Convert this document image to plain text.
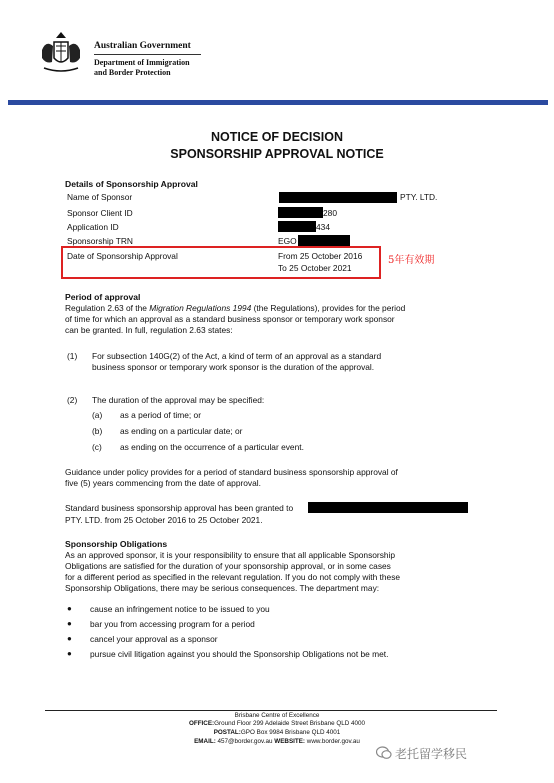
Australian Government
Department of Immigration
and Border Protection
NOTICE OF DECISION
SPONSORSHIP APPROVAL NOTICE
Details of Sponsorship Approval
Name of Sponsor	PTY. LTD.
Sponsor Client ID	280
Application ID	434
Sponsorship TRN	EGO
Date of Sponsorship Approval	From 25 October 2016
To 25 October 2021
5年有效期
Period of approval
Regulation 2.63 of the Migration Regulations 1994 (the Regulations), provides for the period
of time for which an approval as a standard business sponsor or temporary work sponsor
can be granted. In full, regulation 2.63 states:
(1) For subsection 140G(2) of the Act, a kind of term of an approval as a standard
business sponsor or temporary work sponsor is the duration of the approval.
(2) The duration of the approval may be specified:
(a) as a period of time; or
(b) as ending on a particular date; or
(c) as ending on the occurrence of a particular event.
Guidance under policy provides for a period of standard business sponsorship approval of
five (5) years commencing from the date of approval.
Standard business sponsorship approval has been granted to
PTY. LTD. from 25 October 2016 to 25 October 2021.
Sponsorship Obligations
As an approved sponsor, it is your responsibility to ensure that all applicable Sponsorship
Obligations are satisfied for the duration of your sponsorship approval, or in some cases
for a different period as specified in the relevant regulation. If you do not comply with these
Sponsorship Obligations, there may be serious consequences. The department may:
● cause an infringement notice to be issued to you
● bar you from accessing program for a period
● cancel your approval as a sponsor
● pursue civil litigation against you should the Sponsorship Obligations not be met.
Brisbane Centre of Excellence
OFFICE:Ground Floor 299 Adelaide Street Brisbane QLD 4000
POSTAL:GPO Box 9984 Brisbane QLD 4001
EMAIL: 457@border.gov.au WEBSITE: www.border.gov.au
老托留学移民
